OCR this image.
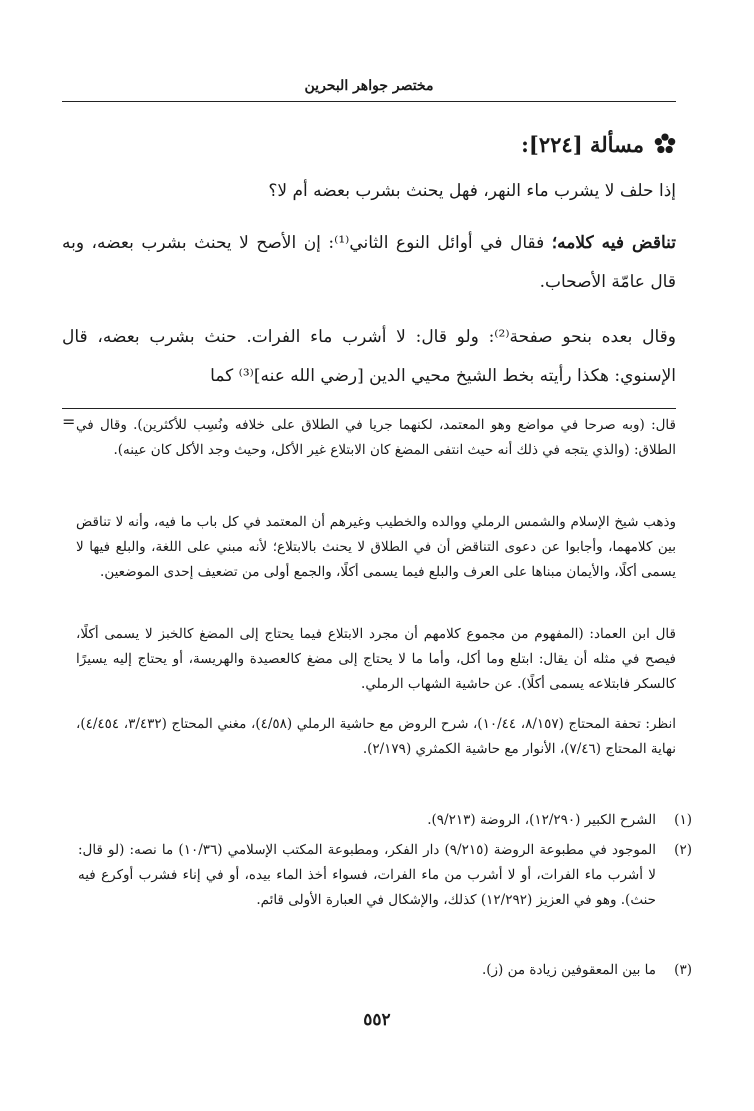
مختصر جواهر البحرين
مسألة [٢٢٤]:
إذا حلف لا يشرب ماء النهر، فهل يحنث بشرب بعضه أم لا؟
تناقض فيه كلامه؛ فقال في أوائل النوع الثاني⁽¹⁾: إن الأصح لا يحنث بشرب بعضه، وبه قال عامّة الأصحاب.
وقال بعده بنحو صفحة⁽²⁾: ولو قال: لا أشرب ماء الفرات. حنث بشرب بعضه، قال الإسنوي: هكذا رأيته بخط الشيخ محيي الدين [رضي الله عنه]⁽³⁾ كما
= قال: (وبه صرحا في مواضع وهو المعتمد، لكنهما جريا في الطلاق على خلافه ونُسِب للأكثرين). وقال في الطلاق: (والذي يتجه في ذلك أنه حيث انتفى المضغ كان الابتلاع غير الأكل، وحيث وجد الأكل كان عينه).
وذهب شيخ الإسلام والشمس الرملي ووالده والخطيب وغيرهم أن المعتمد في كل باب ما فيه، وأنه لا تناقض بين كلامهما، وأجابوا عن دعوى التناقض أن في الطلاق لا يحنث بالابتلاع؛ لأنه مبني على اللغة، والبلع فيها لا يسمى أكلًا، والأيمان مبناها على العرف والبلع فيما يسمى أكلًا، والجمع أولى من تضعيف إحدى الموضعين.
قال ابن العماد: (المفهوم من مجموع كلامهم أن مجرد الابتلاع فيما يحتاج إلى المضغ كالخبز لا يسمى أكلًا، فيصح في مثله أن يقال: ابتلع وما أكل، وأما ما لا يحتاج إلى مضغ كالعصيدة والهريسة، أو يحتاج إليه يسيرًا كالسكر فابتلاعه يسمى أكلًا). عن حاشية الشهاب الرملي.
انظر: تحفة المحتاج (٨/١٥٧، ١٠/٤٤)، شرح الروض مع حاشية الرملي (٤/٥٨)، مغني المحتاج (٣/٤٣٢، ٤/٤٥٤)، نهاية المحتاج (٧/٤٦)، الأنوار مع حاشية الكمثري (٢/١٧٩).
(١)
الشرح الكبير (١٢/٢٩٠)، الروضة (٩/٢١٣).
(٢)
الموجود في مطبوعة الروضة (٩/٢١٥) دار الفكر، ومطبوعة المكتب الإسلامي (١٠/٣٦) ما نصه: (لو قال: لا أشرب ماء الفرات، أو لا أشرب من ماء الفرات، فسواء أخذ الماء بيده، أو في إناء فشرب أوكرع فيه حنث). وهو في العزيز (١٢/٢٩٢) كذلك، والإشكال في العبارة الأولى قائم.
(٣)
ما بين المعقوفين زيادة من (ز).
٥٥٢
